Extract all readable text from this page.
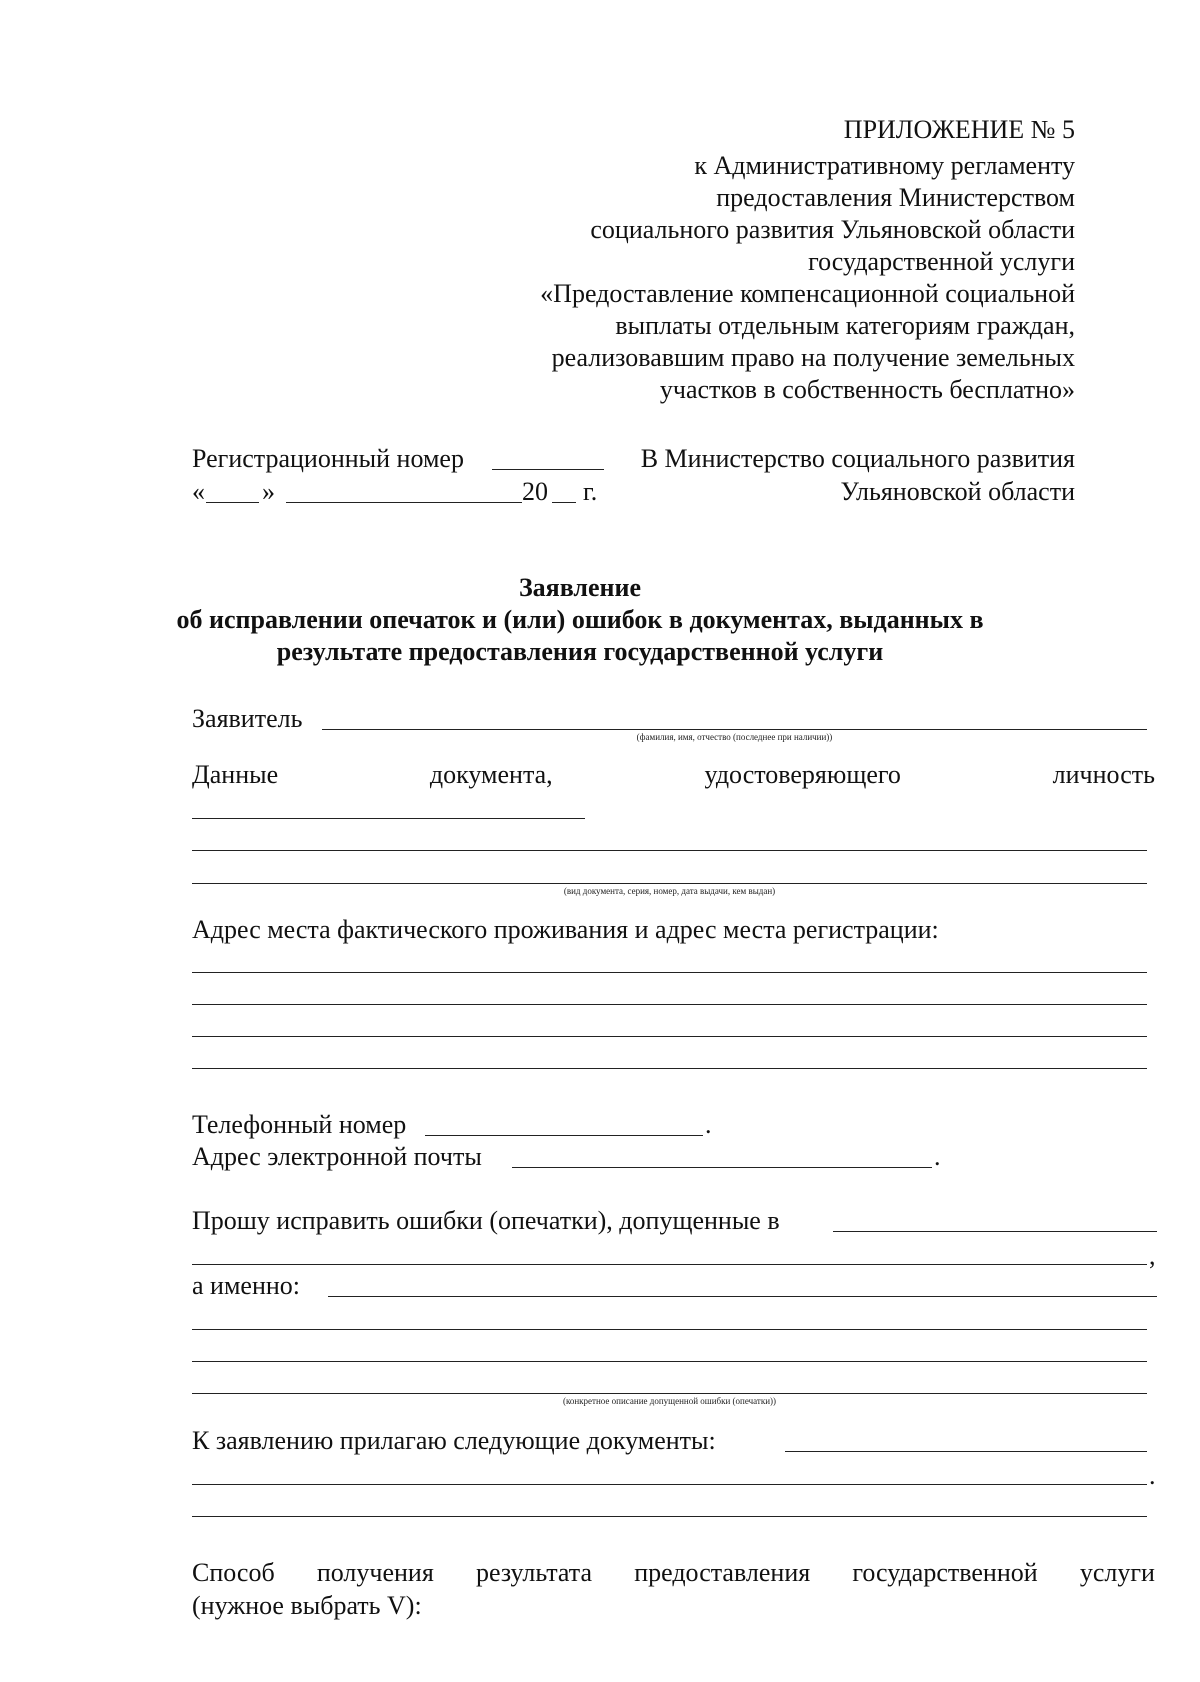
ПРИЛОЖЕНИЕ № 5
к Административному регламенту
предоставления Министерством
социального развития Ульяновской области
государственной услуги
«Предоставление компенсационной социальной
выплаты отдельным категориям граждан,
реализовавшим право на получение земельных
участков в собственность бесплатно»
Регистрационный номер
« »	20 г.
В Министерство социального развития
Ульяновской области
Заявление
об исправлении опечаток и (или) ошибок в документах, выданных в
результате предоставления государственной услуги
Заявитель
(фамилия, имя, отчество (последнее при наличии))
Данные	документа,	удостоверяющего	личность
(вид документа, серия, номер, дата выдачи, кем выдан)
Адрес места фактического проживания и адрес места регистрации:
Телефонный номер	.
Адрес электронной почты	.
Прошу исправить ошибки (опечатки), допущенные в
,
а именно:
(конкретное описание допущенной ошибки (опечатки))
К заявлению прилагаю следующие документы:
.
Способ получения результата предоставления государственной услуги
(нужное выбрать V):
